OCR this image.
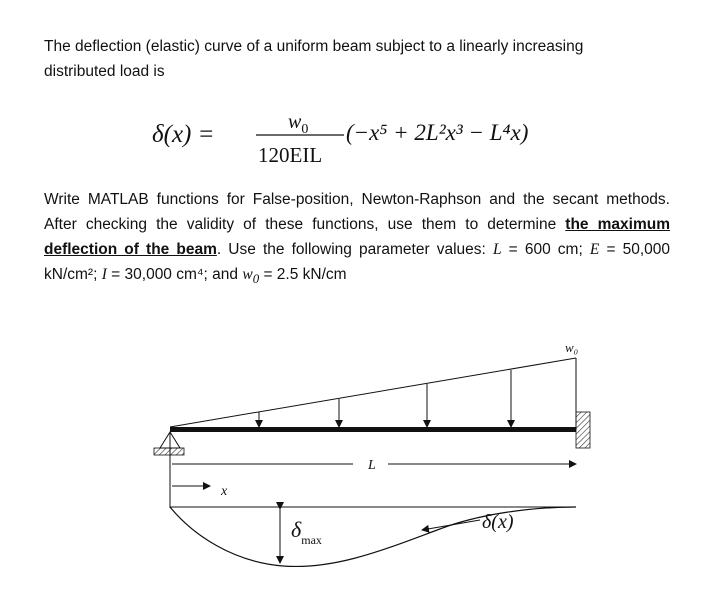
The deflection (elastic) curve of a uniform beam subject to a linearly increasing
distributed load is
δ(x) =	$w_0$
120EIL
(−x⁵ + 2L²x³ − L⁴x)
Write MATLAB functions for False-position, Newton-Raphson and the secant methods. After checking the validity of these functions, use them to determine the maximum deflection of the beam. Use the following parameter values: L = 600 cm; E = 50,000 kN/cm²; I = 30,000 cm⁴; and $w_0 = 2.5$ kN/cm
w₀
L
x
$\delta_{max}$
δ(x)
